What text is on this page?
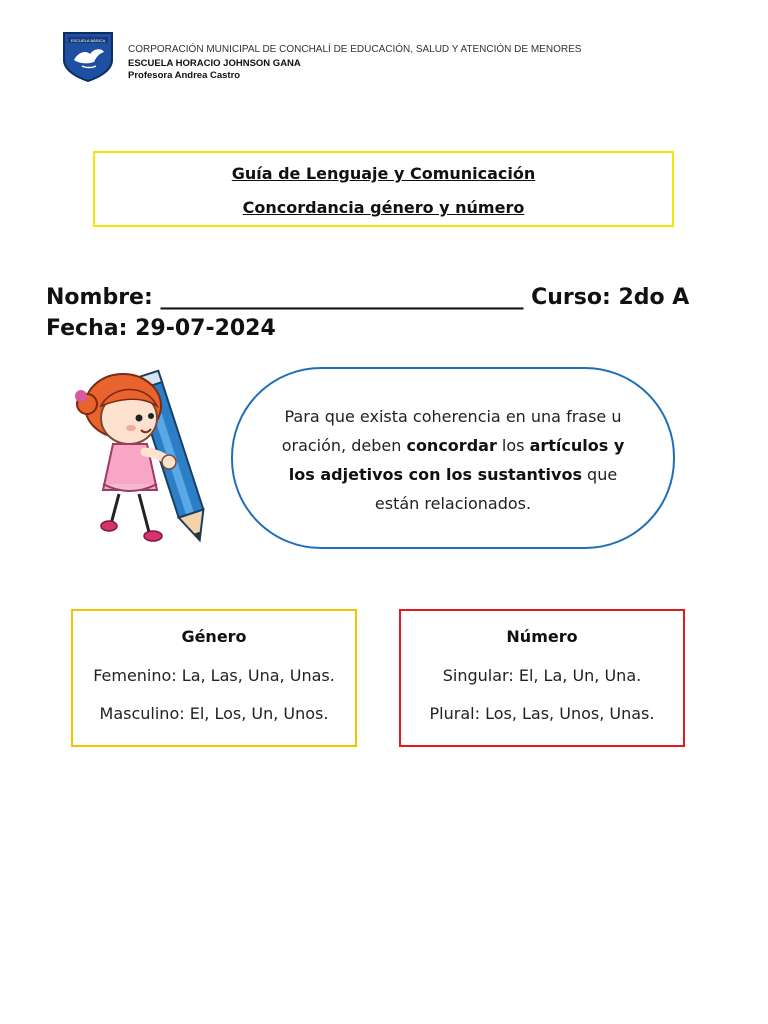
ESCUELA BÁSICA
CORPORACIÓN MUNICIPAL DE CONCHALÍ DE EDUCACIÓN, SALUD Y ATENCIÓN DE MENORES
ESCUELA HORACIO JOHNSON GANA
Profesora Andrea Castro
Guía de Lenguaje y Comunicación
Concordancia género y número
Nombre: _________________________________ Curso: 2do A Fecha: 29-07-2024
Para que exista coherencia en una frase u oración, deben concordar los artículos y los adjetivos con los sustantivos que están relacionados.
Género
Femenino: La, Las, Una, Unas.
Masculino: El, Los, Un, Unos.
Número
Singular: El, La, Un, Una.
Plural: Los, Las, Unos, Unas.
